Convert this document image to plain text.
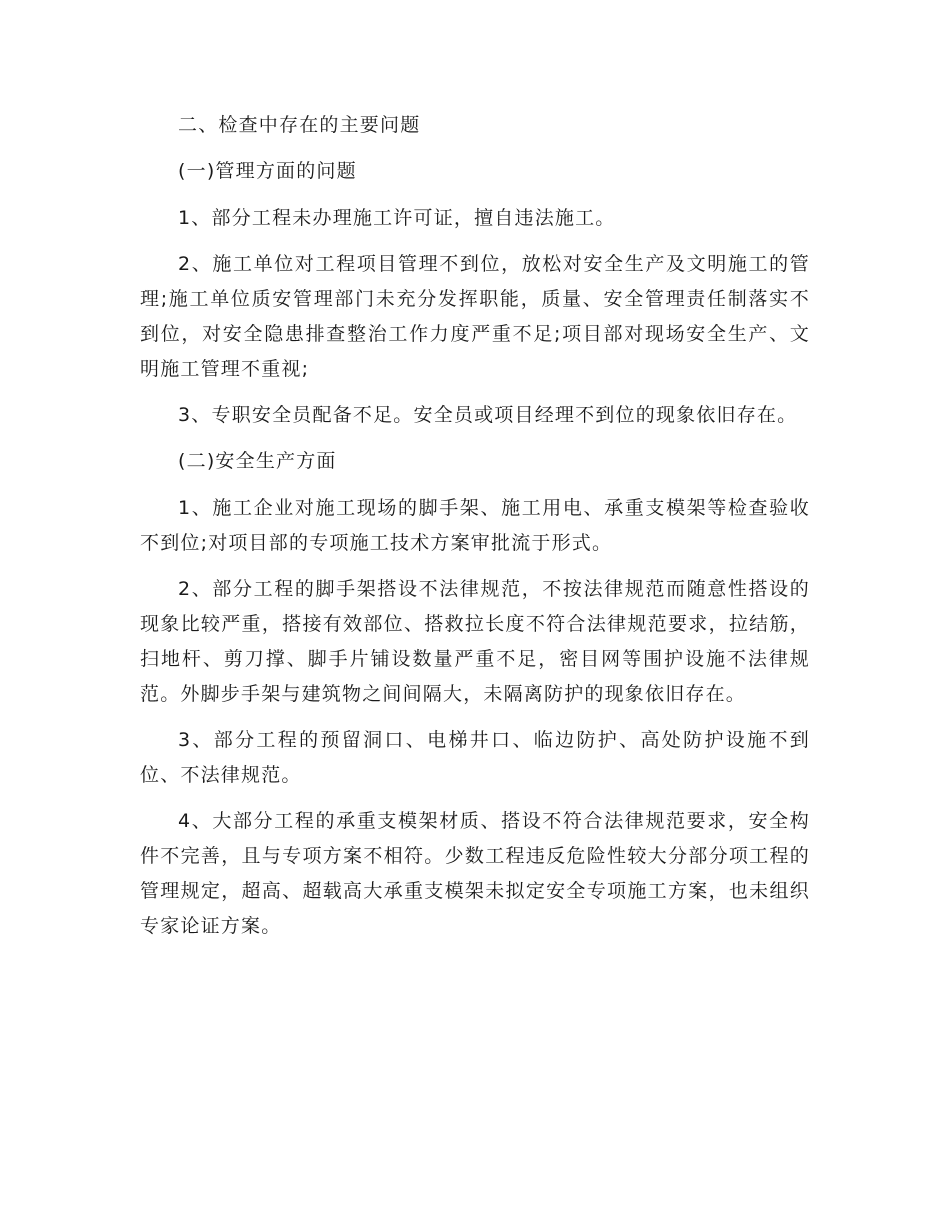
二、检查中存在的主要问题

(一)管理方面的问题

1、部分工程未办理施工许可证，擅自违法施工。

2、施工单位对工程项目管理不到位，放松对安全生产及文明施工的管理;施工单位质安管理部门未充分发挥职能，质量、安全管理责任制落实不到位，对安全隐患排查整治工作力度严重不足;项目部对现场安全生产、文明施工管理不重视;

3、专职安全员配备不足。安全员或项目经理不到位的现象依旧存在。

(二)安全生产方面

1、施工企业对施工现场的脚手架、施工用电、承重支模架等检查验收不到位;对项目部的专项施工技术方案审批流于形式。

2、部分工程的脚手架搭设不法律规范，不按法律规范而随意性搭设的现象比较严重，搭接有效部位、搭救拉长度不符合法律规范要求，拉结筋，扫地杆、剪刀撑、脚手片铺设数量严重不足，密目网等围护设施不法律规范。外脚步手架与建筑物之间间隔大，未隔离防护的现象依旧存在。

3、部分工程的预留洞口、电梯井口、临边防护、高处防护设施不到位、不法律规范。

4、大部分工程的承重支模架材质、搭设不符合法律规范要求，安全构件不完善，且与专项方案不相符。少数工程违反危险性较大分部分项工程的管理规定，超高、超载高大承重支模架未拟定安全专项施工方案，也未组织专家论证方案。
